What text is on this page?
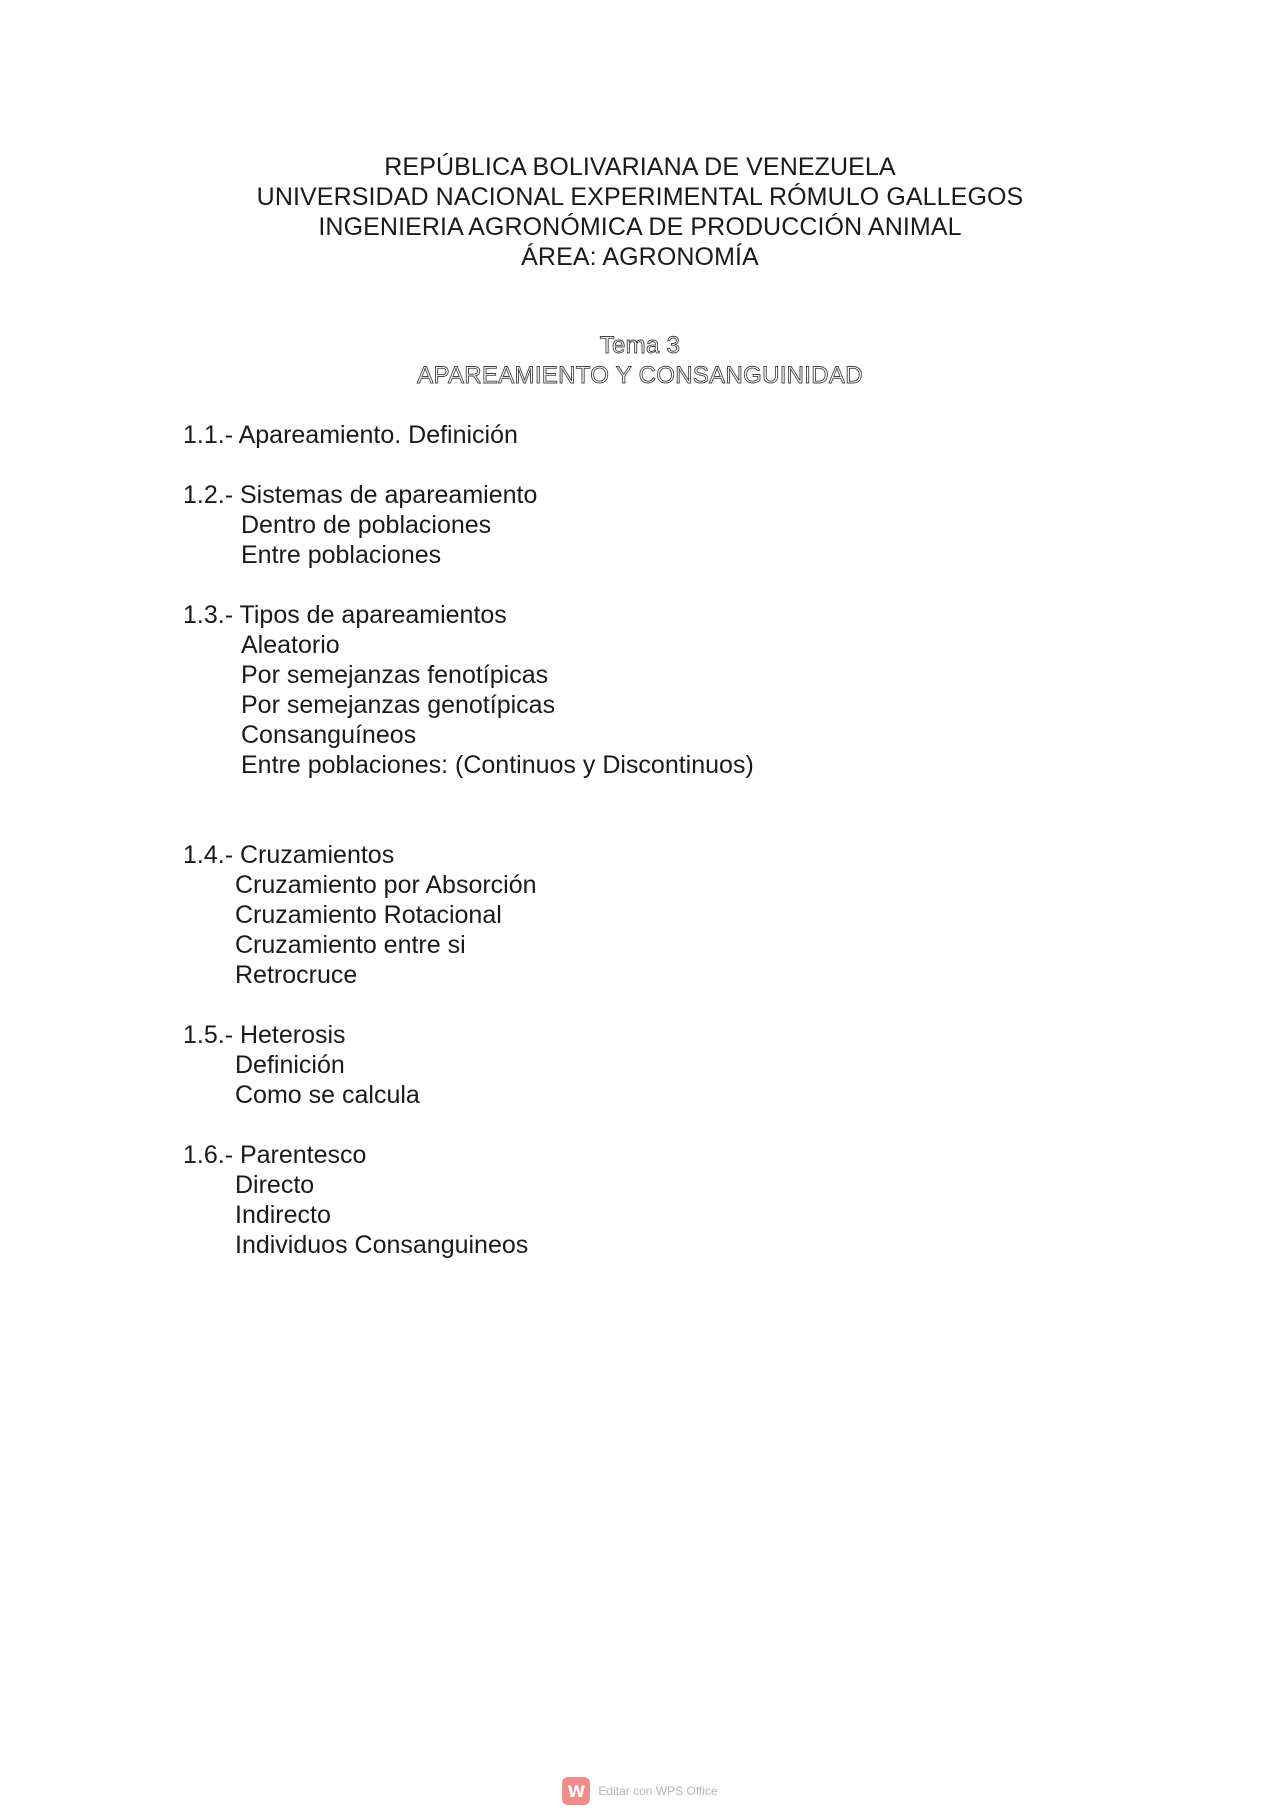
REPÚBLICA BOLIVARIANA DE VENEZUELA
UNIVERSIDAD NACIONAL EXPERIMENTAL RÓMULO GALLEGOS
INGENIERIA AGRONÓMICA DE PRODUCCIÓN ANIMAL
ÁREA: AGRONOMÍA
Tema 3
APAREAMIENTO Y CONSANGUINIDAD
1.1.- Apareamiento. Definición
1.2.- Sistemas de apareamiento
Dentro de poblaciones
Entre poblaciones
1.3.- Tipos de apareamientos
Aleatorio
Por semejanzas fenotípicas
Por semejanzas genotípicas
Consanguíneos
Entre poblaciones: (Continuos y Discontinuos)
1.4.- Cruzamientos
Cruzamiento por Absorción
Cruzamiento Rotacional
Cruzamiento entre si
Retrocruce
1.5.- Heterosis
Definición
Como se calcula
1.6.- Parentesco
Directo
Indirecto
Individuos Consanguineos
W	Editar con WPS Office
